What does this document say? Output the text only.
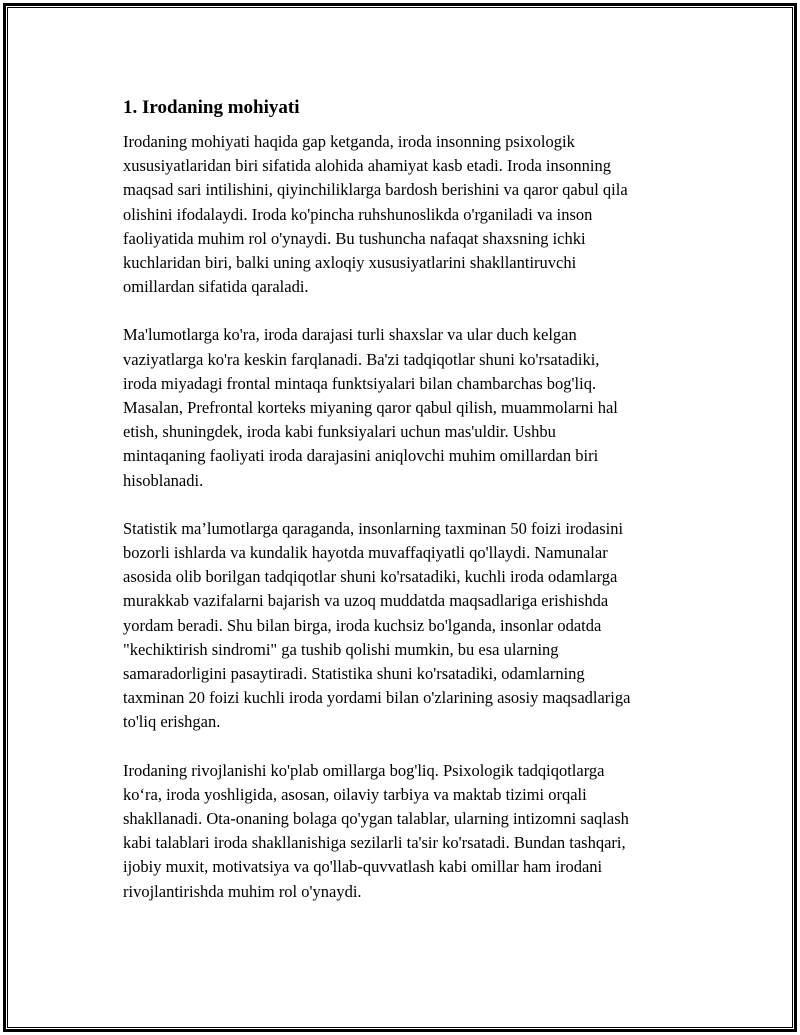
1. Irodaning mohiyati
Irodaning mohiyati haqida gap ketganda, iroda insonning psixologik
xususiyatlaridan biri sifatida alohida ahamiyat kasb etadi. Iroda insonning
maqsad sari intilishini, qiyinchiliklarga bardosh berishini va qaror qabul qila
olishini ifodalaydi. Iroda ko'pincha ruhshunoslikda o'rganiladi va inson
faoliyatida muhim rol o'ynaydi. Bu tushuncha nafaqat shaxsning ichki
kuchlaridan biri, balki uning axloqiy xususiyatlarini shakllantiruvchi
omillardan sifatida qaraladi.
Ma'lumotlarga ko'ra, iroda darajasi turli shaxslar va ular duch kelgan
vaziyatlarga ko'ra keskin farqlanadi. Ba'zi tadqiqotlar shuni ko'rsatadiki,
iroda miyadagi frontal mintaqa funktsiyalari bilan chambarchas bog'liq.
Masalan, Prefrontal korteks miyaning qaror qabul qilish, muammolarni hal
etish, shuningdek, iroda kabi funksiyalari uchun mas'uldir. Ushbu
mintaqaning faoliyati iroda darajasini aniqlovchi muhim omillardan biri
hisoblanadi.
Statistik ma’lumotlarga qaraganda, insonlarning taxminan 50 foizi irodasini
bozorli ishlarda va kundalik hayotda muvaffaqiyatli qo'llaydi. Namunalar
asosida olib borilgan tadqiqotlar shuni ko'rsatadiki, kuchli iroda odamlarga
murakkab vazifalarni bajarish va uzoq muddatda maqsadlariga erishishda
yordam beradi. Shu bilan birga, iroda kuchsiz bo'lganda, insonlar odatda
"kechiktirish sindromi" ga tushib qolishi mumkin, bu esa ularning
samaradorligini pasaytiradi. Statistika shuni ko'rsatadiki, odamlarning
taxminan 20 foizi kuchli iroda yordami bilan o'zlarining asosiy maqsadlariga
to'liq erishgan.
Irodaning rivojlanishi ko'plab omillarga bog'liq. Psixologik tadqiqotlarga
ko‘ra, iroda yoshligida, asosan, oilaviy tarbiya va maktab tizimi orqali
shakllanadi. Ota-onaning bolaga qo'ygan talablar, ularning intizomni saqlash
kabi talablari iroda shakllanishiga sezilarli ta'sir ko'rsatadi. Bundan tashqari,
ijobiy muxit, motivatsiya va qo'llab-quvvatlash kabi omillar ham irodani
rivojlantirishda muhim rol o'ynaydi.
